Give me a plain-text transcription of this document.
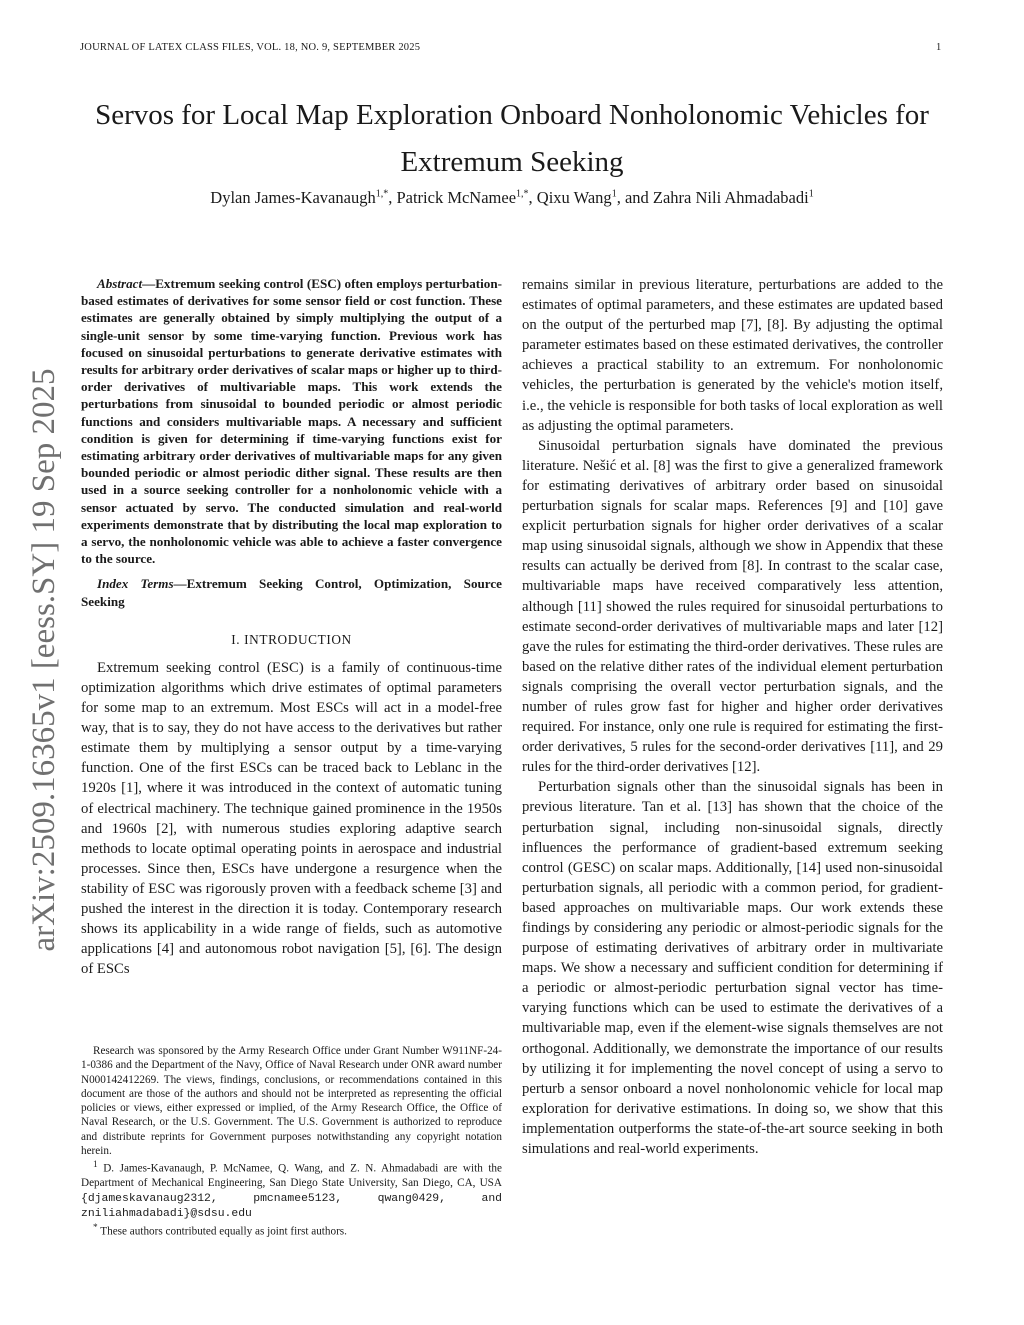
JOURNAL OF LATEX CLASS FILES, VOL. 18, NO. 9, SEPTEMBER 2025	1
arXiv:2509.16365v1 [eess.SY] 19 Sep 2025
Servos for Local Map Exploration Onboard Nonholonomic Vehicles for Extremum Seeking
Dylan James-Kavanaugh$^{1,*}$, Patrick McNamee$^{1,*}$, Qixu Wang$^1$, and Zahra Nili Ahmadabadi$^1$

Abstract—Extremum seeking control (ESC) often employs perturbation-based estimates of derivatives for some sensor field or cost function. These estimates are generally obtained by simply multiplying the output of a single-unit sensor by some time-varying function. Previous work has focused on sinusoidal perturbations to generate derivative estimates with results for arbitrary order derivatives of scalar maps or higher up to third-order derivatives of multivariable maps. This work extends the perturbations from sinusoidal to bounded periodic or almost periodic functions and considers multivariable maps. A necessary and sufficient condition is given for determining if time-varying functions exist for estimating arbitrary order derivatives of multivariable maps for any given bounded periodic or almost periodic dither signal. These results are then used in a source seeking controller for a nonholonomic vehicle with a sensor actuated by servo. The conducted simulation and real-world experiments demonstrate that by distributing the local map exploration to a servo, the nonholonomic vehicle was able to achieve a faster convergence to the source.

Index Terms—Extremum Seeking Control, Optimization, Source Seeking

I. INTRODUCTION

Extremum seeking control (ESC) is a family of continuous-time optimization algorithms which drive estimates of optimal parameters for some map to an extremum. Most ESCs will act in a model-free way, that is to say, they do not have access to the derivatives but rather estimate them by multiplying a sensor output by a time-varying function. One of the first ESCs can be traced back to Leblanc in the 1920s [1], where it was introduced in the context of automatic tuning of electrical machinery. The technique gained prominence in the 1950s and 1960s [2], with numerous studies exploring adaptive search methods to locate optimal operating points in aerospace and industrial processes. Since then, ESCs have undergone a resurgence when the stability of ESC was rigorously proven with a feedback scheme [3] and pushed the interest in the direction it is today. Contemporary research shows its applicability in a wide range of fields, such as automotive applications [4] and autonomous robot navigation [5], [6]. The design of ESCs

Research was sponsored by the Army Research Office under Grant Number W911NF-24-1-0386 and the Department of the Navy, Office of Naval Research under ONR award number N000142412269. The views, findings, conclusions, or recommendations contained in this document are those of the authors and should not be interpreted as representing the official policies or views, either expressed or implied, of the Army Research Office, the Office of Naval Research, or the U.S. Government. The U.S. Government is authorized to reproduce and distribute reprints for Government purposes notwithstanding any copyright notation herein.

$^1$ D. James-Kavanaugh, P. McNamee, Q. Wang, and Z. N. Ahmadabadi are with the Department of Mechanical Engineering, San Diego State University, San Diego, CA, USA {djameskavanaug2312, pmcnamee5123, qwang0429, and zniliahmadabadi}@sdsu.edu

* These authors contributed equally as joint first authors.

remains similar in previous literature, perturbations are added to the estimates of optimal parameters, and these estimates are updated based on the output of the perturbed map [7], [8]. By adjusting the optimal parameter estimates based on these estimated derivatives, the controller achieves a practical stability to an extremum. For nonholonomic vehicles, the perturbation is generated by the vehicle's motion itself, i.e., the vehicle is responsible for both tasks of local exploration as well as adjusting the optimal parameters.

Sinusoidal perturbation signals have dominated the previous literature. Nešić et al. [8] was the first to give a generalized framework for estimating derivatives of arbitrary order based on sinusoidal perturbation signals for scalar maps. References [9] and [10] gave explicit perturbation signals for higher order derivatives of a scalar map using sinusoidal signals, although we show in Appendix that these results can actually be derived from [8]. In contrast to the scalar case, multivariable maps have received comparatively less attention, although [11] showed the rules required for sinusoidal perturbations to estimate second-order derivatives of multivariable maps and later [12] gave the rules for estimating the third-order derivatives. These rules are based on the relative dither rates of the individual element perturbation signals comprising the overall vector perturbation signals, and the number of rules grow fast for higher and higher order derivatives required. For instance, only one rule is required for estimating the first-order derivatives, 5 rules for the second-order derivatives [11], and 29 rules for the third-order derivatives [12].

Perturbation signals other than the sinusoidal signals has been in previous literature. Tan et al. [13] has shown that the choice of the perturbation signal, including non-sinusoidal signals, directly influences the performance of gradient-based extremum seeking control (GESC) on scalar maps. Additionally, [14] used non-sinusoidal perturbation signals, all periodic with a common period, for gradient-based approaches on multivariable maps. Our work extends these findings by considering any periodic or almost-periodic signals for the purpose of estimating derivatives of arbitrary order in multivariate maps. We show a necessary and sufficient condition for determining if a periodic or almost-periodic perturbation signal vector has time-varying functions which can be used to estimate the derivatives of a multivariable map, even if the element-wise signals themselves are not orthogonal. Additionally, we demonstrate the importance of our results by utilizing it for implementing the novel concept of using a servo to perturb a sensor onboard a novel nonholonomic vehicle for local map exploration for derivative estimations. In doing so, we show that this implementation outperforms the state-of-the-art source seeking in both simulations and real-world experiments.
